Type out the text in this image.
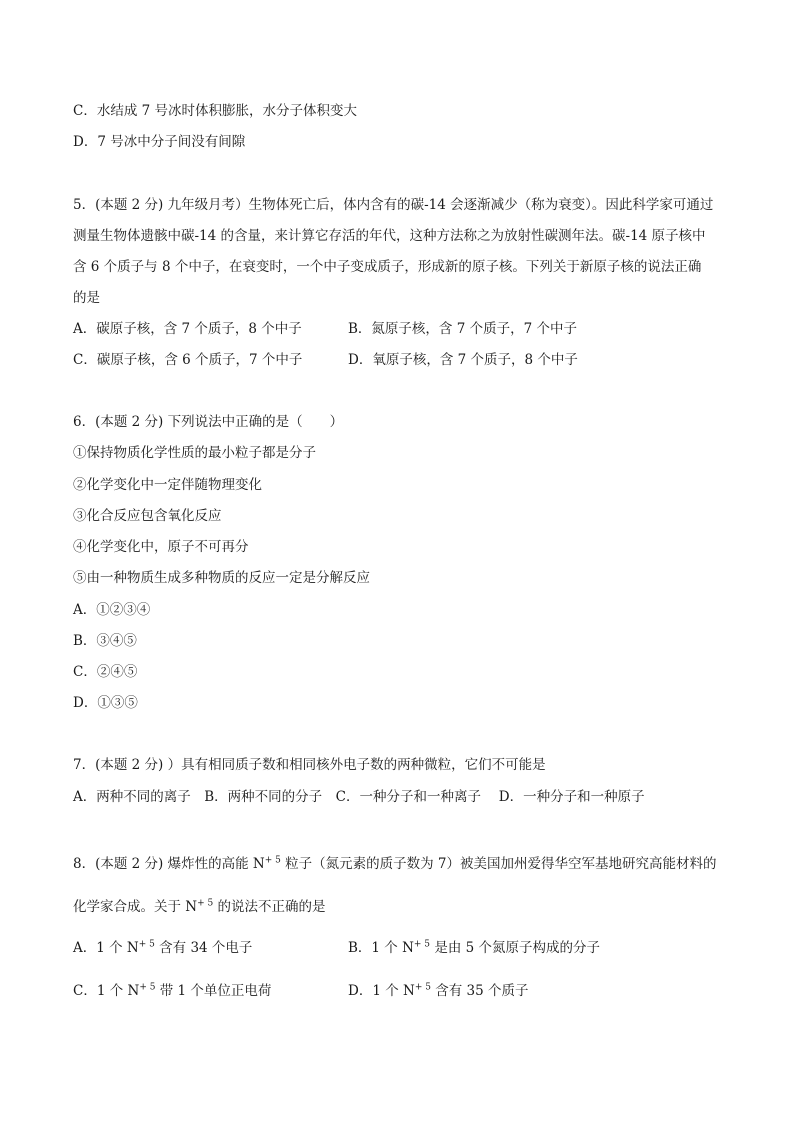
C．水结成 7 号冰时体积膨胀，水分子体积变大
D．7 号冰中分子间没有间隙
5．(本题 2 分) 九年级月考）生物体死亡后，体内含有的碳-14 会逐渐减少（称为衰变）。因此科学家可通过
测量生物体遗骸中碳-14 的含量，来计算它存活的年代，这种方法称之为放射性碳测年法。碳-14 原子核中
含 6 个质子与 8 个中子，在衰变时，一个中子变成质子，形成新的原子核。下列关于新原子核的说法正确
的是
A．碳原子核，含 7 个质子，8 个中子	B．氮原子核，含 7 个质子，7 个中子
C．碳原子核，含 6 个质子，7 个中子	D．氧原子核，含 7 个质子，8 个中子
6．(本题 2 分) 下列说法中正确的是（　　）
①保持物质化学性质的最小粒子都是分子
②化学变化中一定伴随物理变化
③化合反应包含氧化反应
④化学变化中，原子不可再分
⑤由一种物质生成多种物质的反应一定是分解反应
A．①②③④
B．③④⑤
C．②④⑤
D．①③⑤
7．(本题 2 分) ）具有相同质子数和相同核外电子数的两种微粒，它们不可能是
A．两种不同的离子　B．两种不同的分子　C．一种分子和一种离子　 D．一种分子和一种原子
8．(本题 2 分) 爆炸性的高能 $N^{+ 5}$ 粒子（氮元素的质子数为 7）被美国加州爱得华空军基地研究高能材料的
化学家合成。关于 $N^{+ 5}$ 的说法不正确的是
A．1 个 $N^{+ 5}$ 含有 34 个电子	B．1 个 $N^{+ 5}$ 是由 5 个氮原子构成的分子
C．1 个 $N^{+ 5}$ 带 1 个单位正电荷	D．1 个 $N^{+ 5}$ 含有 35 个质子
